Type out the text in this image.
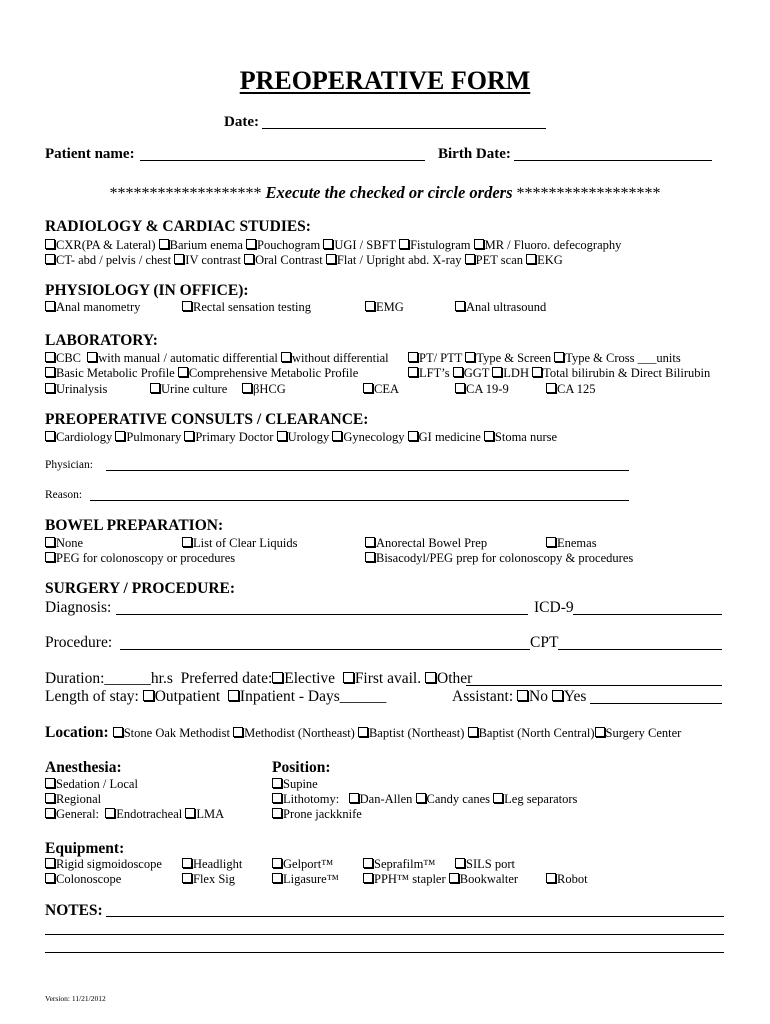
PREOPERATIVE FORM
Date:
Patient name:	Birth Date:
******************* Execute the checked or circle orders ******************
RADIOLOGY & CARDIAC STUDIES:
CXR(PA & Lateral) Barium enema Pouchogram UGI / SBFT Fistulogram MR / Fluoro. defecography
CT- abd / pelvis / chest IV contrast Oral Contrast Flat / Upright abd. X-ray PET scan EKG
PHYSIOLOGY (IN OFFICE):
Anal manometry	Rectal sensation testing	EMG	Anal ultrasound
LABORATORY:
CBC with manual / automatic differential without differential	PT/ PTT Type & Screen Type & Cross ___units
Basic Metabolic Profile Comprehensive Metabolic Profile	LFT’s GGT LDH Total bilirubin & Direct Bilirubin
Urinalysis	Urine culture	βHCG	CEA	CA 19-9	CA 125
PREOPERATIVE CONSULTS / CLEARANCE:
Cardiology Pulmonary Primary Doctor Urology Gynecology GI medicine Stoma nurse
Physician:
Reason:
BOWEL PREPARATION:
None	List of Clear Liquids	Anorectal Bowel Prep	Enemas
PEG for colonoscopy or procedures	Bisacodyl/PEG prep for colonoscopy & procedures
SURGERY / PROCEDURE:
Diagnosis:	ICD-9
Procedure:	CPT
Duration:______hr.s Preferred date: Elective First avail. Other
Length of stay: Outpatient Inpatient - Days______	Assistant: No Yes
Location: Stone Oak Methodist Methodist (Northeast) Baptist (Northeast) Baptist (North Central) Surgery Center
Anesthesia:
Sedation / Local
Regional
General: Endotracheal LMA
Position:
Supine
Lithotomy: Dan-Allen Candy canes Leg separators
Prone jackknife
Equipment:
Rigid sigmoidoscope	Headlight	Gelport™	Seprafilm™	SILS port
Colonoscope	Flex Sig	Ligasure™	PPH™ stapler Bookwalter	Robot
NOTES:
Version: 11/21/2012
